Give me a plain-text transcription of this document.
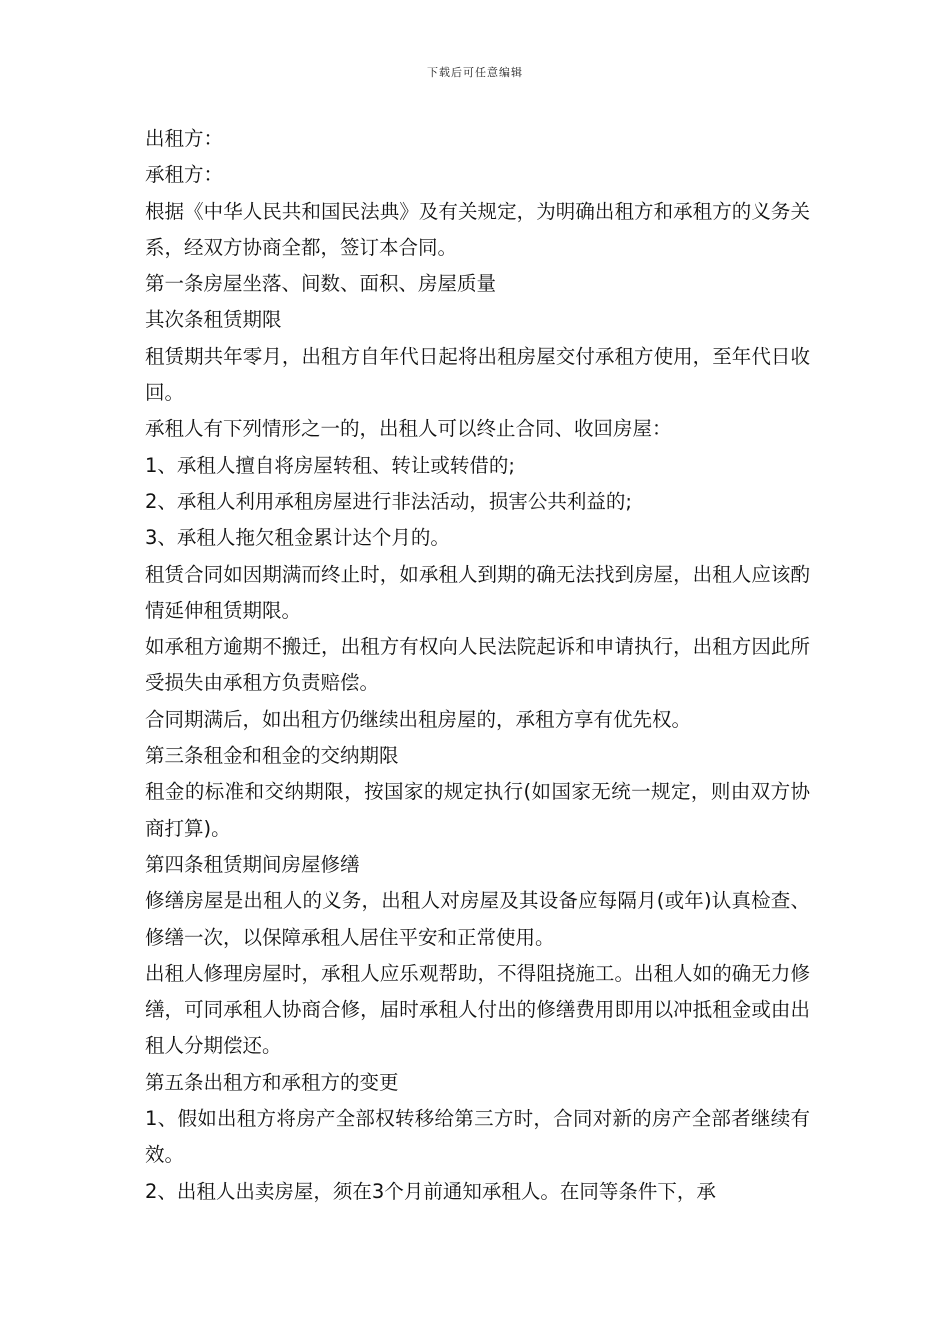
下载后可任意编辑

出租方：

承租方：

根据《中华人民共和国民法典》及有关规定，为明确出租方和承租方的义务关系，经双方协商全都，签订本合同。

第一条房屋坐落、间数、面积、房屋质量

其次条租赁期限

租赁期共年零月，出租方自年代日起将出租房屋交付承租方使用，至年代日收回。

承租人有下列情形之一的，出租人可以终止合同、收回房屋：

1、承租人擅自将房屋转租、转让或转借的;

2、承租人利用承租房屋进行非法活动，损害公共利益的;

3、承租人拖欠租金累计达个月的。

租赁合同如因期满而终止时，如承租人到期的确无法找到房屋，出租人应该酌情延伸租赁期限。

如承租方逾期不搬迁，出租方有权向人民法院起诉和申请执行，出租方因此所受损失由承租方负责赔偿。

合同期满后，如出租方仍继续出租房屋的，承租方享有优先权。

第三条租金和租金的交纳期限

租金的标准和交纳期限，按国家的规定执行(如国家无统一规定，则由双方协商打算)。

第四条租赁期间房屋修缮

修缮房屋是出租人的义务，出租人对房屋及其设备应每隔月(或年)认真检查、修缮一次，以保障承租人居住平安和正常使用。

出租人修理房屋时，承租人应乐观帮助，不得阻挠施工。出租人如的确无力修缮，可同承租人协商合修，届时承租人付出的修缮费用即用以冲抵租金或由出租人分期偿还。

第五条出租方和承租方的变更

1、假如出租方将房产全部权转移给第三方时，合同对新的房产全部者继续有效。

2、出租人出卖房屋，须在3个月前通知承租人。在同等条件下，承
